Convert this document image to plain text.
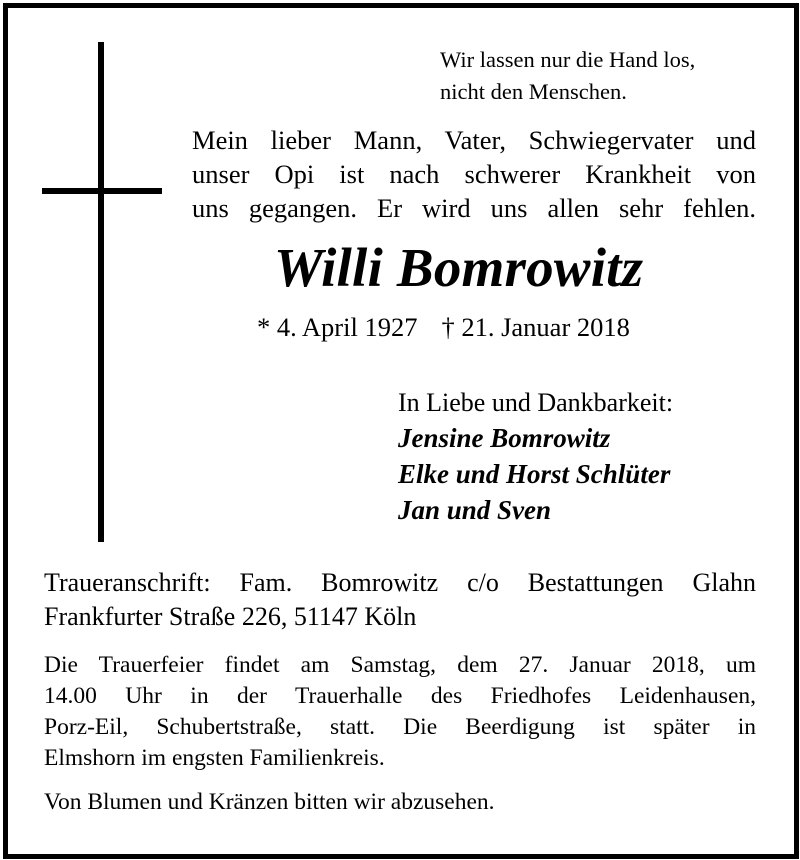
Wir lassen nur die Hand los,
nicht den Menschen.
Mein lieber Mann, Vater, Schwiegervater und
unser Opi ist nach schwerer Krankheit von
uns gegangen. Er wird uns allen sehr fehlen.
Willi Bomrowitz
* 4. April 1927 † 21. Januar 2018
In Liebe und Dankbarkeit:
Jensine Bomrowitz
Elke und Horst Schlüter
Jan und Sven
Traueranschrift: Fam. Bomrowitz c/o Bestattungen Glahn
Frankfurter Straße 226, 51147 Köln
Die Trauerfeier findet am Samstag, dem 27. Januar 2018, um
14.00 Uhr in der Trauerhalle des Friedhofes Leidenhausen,
Porz-Eil, Schubertstraße, statt. Die Beerdigung ist später in
Elmshorn im engsten Familienkreis.
Von Blumen und Kränzen bitten wir abzusehen.
